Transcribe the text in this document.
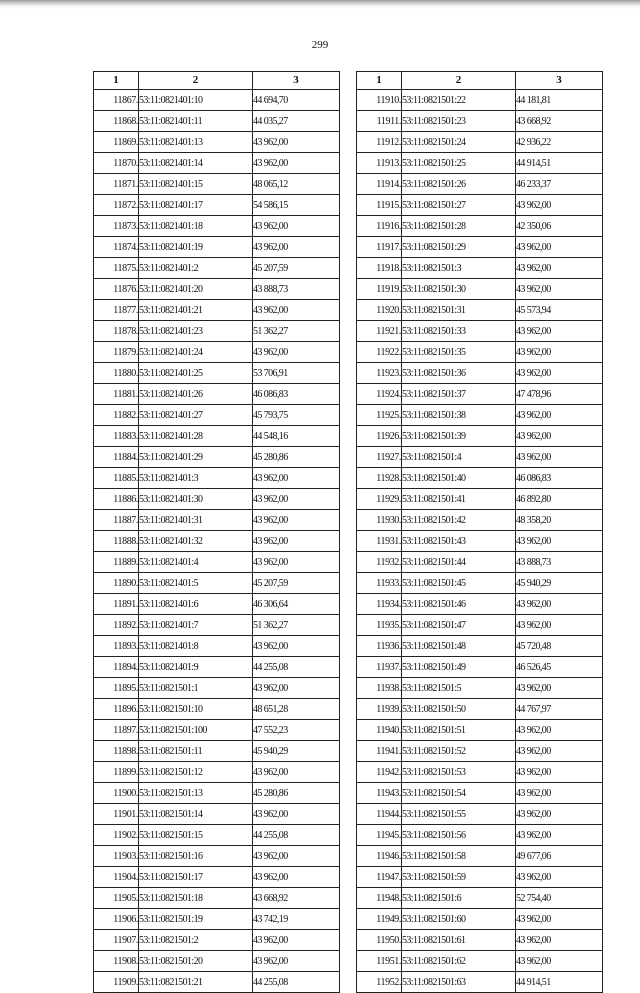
299
1	2	3
11867.	53:11:0821401:10	44 694,70
11868.	53:11:0821401:11	44 035,27
11869.	53:11:0821401:13	43 962,00
11870.	53:11:0821401:14	43 962,00
11871.	53:11:0821401:15	48 065,12
11872.	53:11:0821401:17	54 586,15
11873.	53:11:0821401:18	43 962,00
11874.	53:11:0821401:19	43 962,00
11875.	53:11:0821401:2	45 207,59
11876.	53:11:0821401:20	43 888,73
11877.	53:11:0821401:21	43 962,00
11878.	53:11:0821401:23	51 362,27
11879.	53:11:0821401:24	43 962,00
11880.	53:11:0821401:25	53 706,91
11881.	53:11:0821401:26	46 086,83
11882.	53:11:0821401:27	45 793,75
11883.	53:11:0821401:28	44 548,16
11884.	53:11:0821401:29	45 280,86
11885.	53:11:0821401:3	43 962,00
11886.	53:11:0821401:30	43 962,00
11887.	53:11:0821401:31	43 962,00
11888.	53:11:0821401:32	43 962,00
11889.	53:11:0821401:4	43 962,00
11890.	53:11:0821401:5	45 207,59
11891.	53:11:0821401:6	46 306,64
11892.	53:11:0821401:7	51 362,27
11893.	53:11:0821401:8	43 962,00
11894.	53:11:0821401:9	44 255,08
11895.	53:11:0821501:1	43 962,00
11896.	53:11:0821501:10	48 651,28
11897.	53:11:0821501:100	47 552,23
11898.	53:11:0821501:11	45 940,29
11899.	53:11:0821501:12	43 962,00
11900.	53:11:0821501:13	45 280,86
11901.	53:11:0821501:14	43 962,00
11902.	53:11:0821501:15	44 255,08
11903.	53:11:0821501:16	43 962,00
11904.	53:11:0821501:17	43 962,00
11905.	53:11:0821501:18	43 668,92
11906.	53:11:0821501:19	43 742,19
11907.	53:11:0821501:2	43 962,00
11908.	53:11:0821501:20	43 962,00
11909.	53:11:0821501:21	44 255,08
1	2	3
11910.	53:11:0821501:22	44 181,81
11911.	53:11:0821501:23	43 668,92
11912.	53:11:0821501:24	42 936,22
11913.	53:11:0821501:25	44 914,51
11914.	53:11:0821501:26	46 233,37
11915.	53:11:0821501:27	43 962,00
11916.	53:11:0821501:28	42 350,06
11917.	53:11:0821501:29	43 962,00
11918.	53:11:0821501:3	43 962,00
11919.	53:11:0821501:30	43 962,00
11920.	53:11:0821501:31	45 573,94
11921.	53:11:0821501:33	43 962,00
11922.	53:11:0821501:35	43 962,00
11923.	53:11:0821501:36	43 962,00
11924.	53:11:0821501:37	47 478,96
11925.	53:11:0821501:38	43 962,00
11926.	53:11:0821501:39	43 962,00
11927.	53:11:0821501:4	43 962,00
11928.	53:11:0821501:40	46 086,83
11929.	53:11:0821501:41	46 892,80
11930.	53:11:0821501:42	48 358,20
11931.	53:11:0821501:43	43 962,00
11932.	53:11:0821501:44	43 888,73
11933.	53:11:0821501:45	45 940,29
11934.	53:11:0821501:46	43 962,00
11935.	53:11:0821501:47	43 962,00
11936.	53:11:0821501:48	45 720,48
11937.	53:11:0821501:49	46 526,45
11938.	53:11:0821501:5	43 962,00
11939.	53:11:0821501:50	44 767,97
11940.	53:11:0821501:51	43 962,00
11941.	53:11:0821501:52	43 962,00
11942.	53:11:0821501:53	43 962,00
11943.	53:11:0821501:54	43 962,00
11944.	53:11:0821501:55	43 962,00
11945.	53:11:0821501:56	43 962,00
11946.	53:11:0821501:58	49 677,06
11947.	53:11:0821501:59	43 962,00
11948.	53:11:0821501:6	52 754,40
11949.	53:11:0821501:60	43 962,00
11950.	53:11:0821501:61	43 962,00
11951.	53:11:0821501:62	43 962,00
11952.	53:11:0821501:63	44 914,51
